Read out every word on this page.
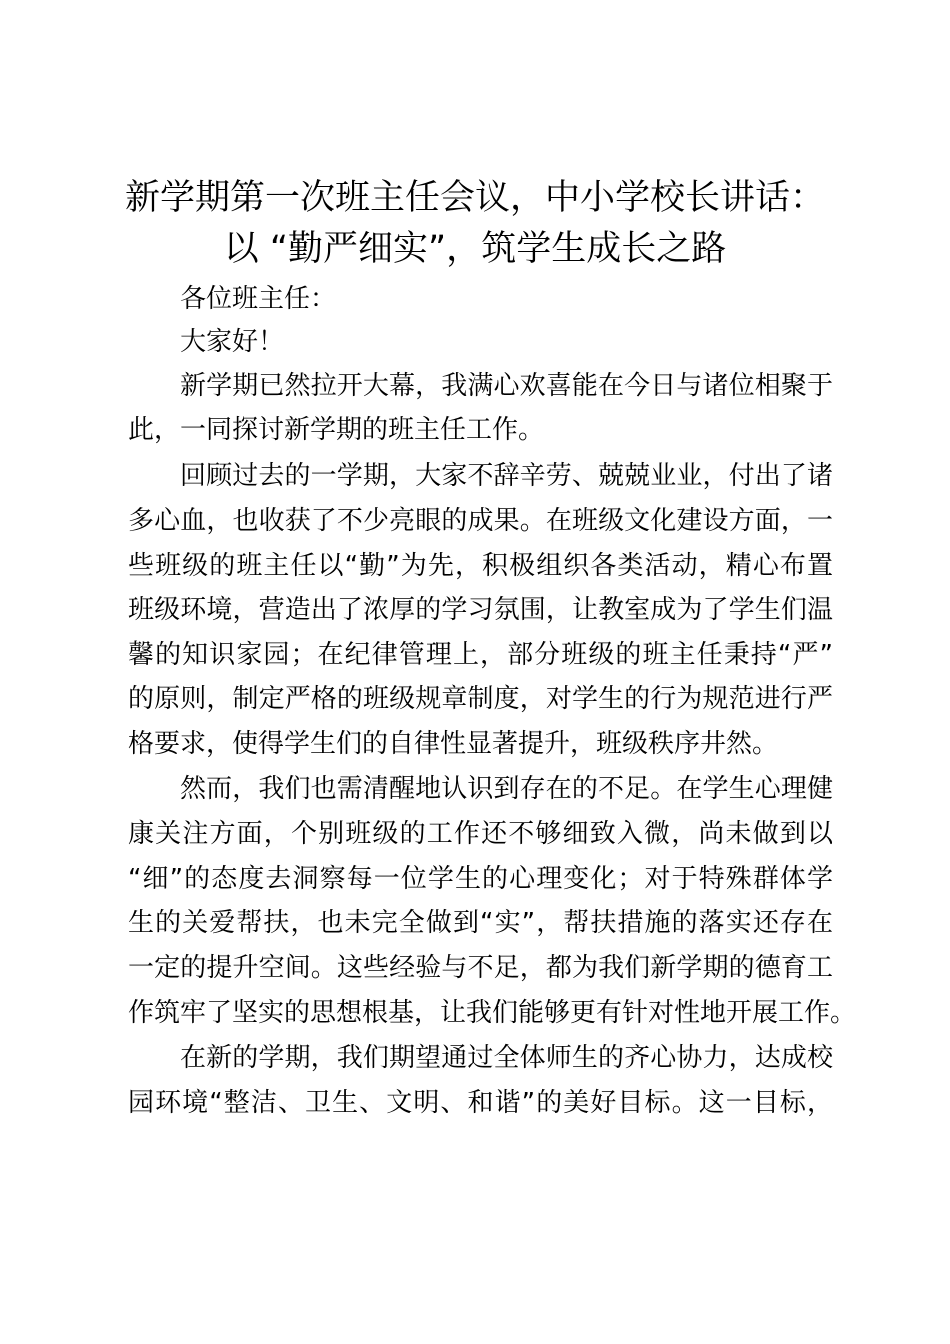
新学期第一次班主任会议，中小学校长讲话：
以 “勤严细实”，筑学生成长之路
各位班主任：
大家好！
新学期已然拉开大幕，我满心欢喜能在今日与诸位相聚于
此，一同探讨新学期的班主任工作。
回顾过去的一学期，大家不辞辛劳、兢兢业业，付出了诸
多心血，也收获了不少亮眼的成果。在班级文化建设方面，一
些班级的班主任以“勤”为先，积极组织各类活动，精心布置
班级环境，营造出了浓厚的学习氛围，让教室成为了学生们温
馨的知识家园；在纪律管理上，部分班级的班主任秉持“严”
的原则，制定严格的班级规章制度，对学生的行为规范进行严
格要求，使得学生们的自律性显著提升，班级秩序井然。
然而，我们也需清醒地认识到存在的不足。在学生心理健
康关注方面，个别班级的工作还不够细致入微，尚未做到以
“细”的态度去洞察每一位学生的心理变化；对于特殊群体学
生的关爱帮扶，也未完全做到“实”，帮扶措施的落实还存在
一定的提升空间。这些经验与不足，都为我们新学期的德育工
作筑牢了坚实的思想根基，让我们能够更有针对性地开展工作。
在新的学期，我们期望通过全体师生的齐心协力，达成校
园环境“整洁、卫生、文明、和谐”的美好目标。这一目标，
